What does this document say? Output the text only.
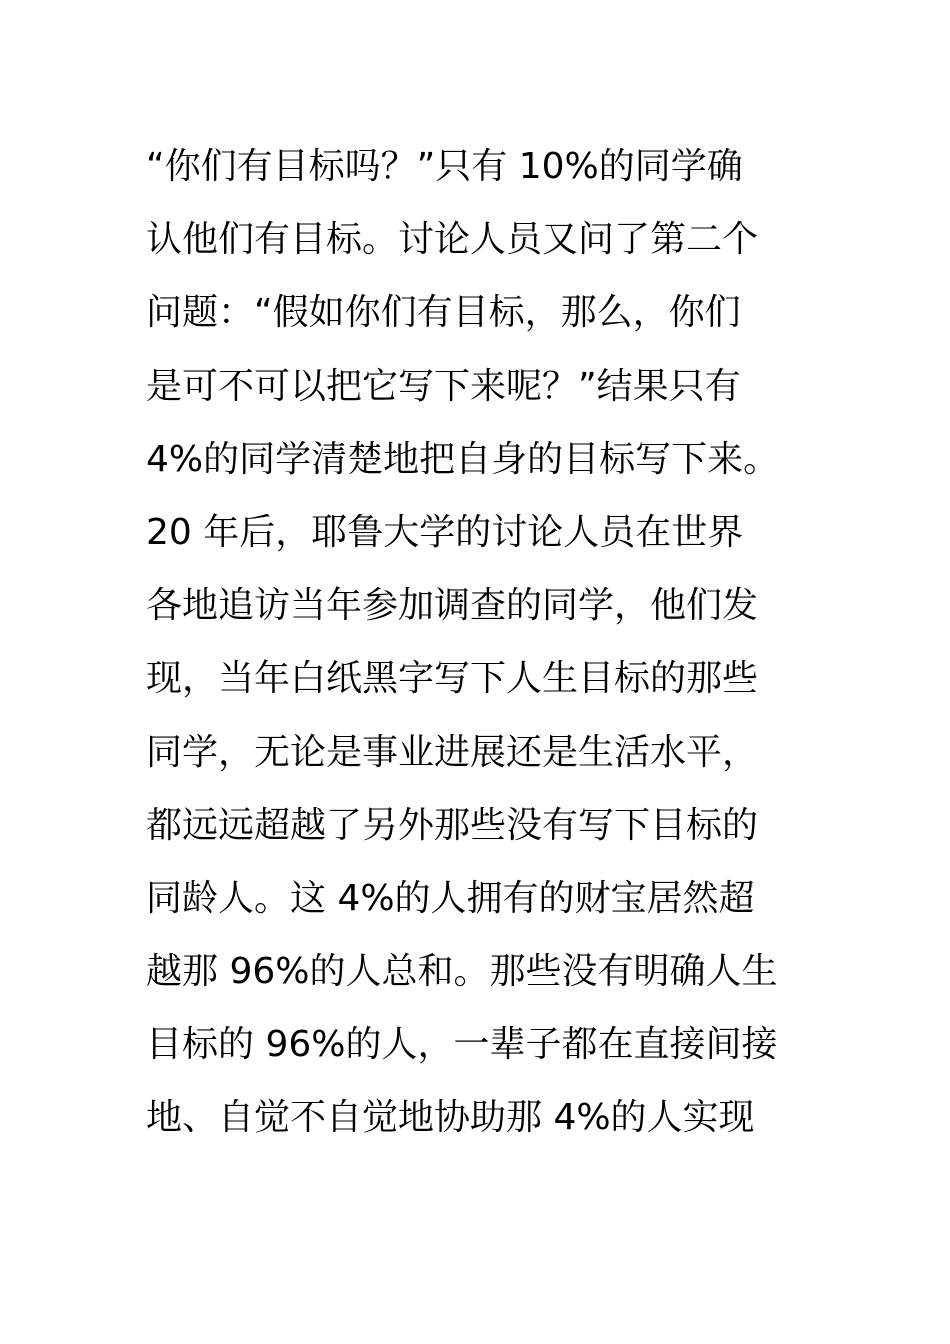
“你们有目标吗？”只有 10%的同学确
认他们有目标。讨论人员又问了第二个
问题：“假如你们有目标，那么，你们
是可不可以把它写下来呢？”结果只有
4%的同学清楚地把自身的目标写下来。
20 年后，耶鲁大学的讨论人员在世界
各地追访当年参加调查的同学，他们发
现，当年白纸黑字写下人生目标的那些
同学，无论是事业进展还是生活水平，
都远远超越了另外那些没有写下目标的
同龄人。这 4%的人拥有的财宝居然超
越那 96%的人总和。那些没有明确人生
目标的 96%的人，一辈子都在直接间接
地、自觉不自觉地协助那 4%的人实现
